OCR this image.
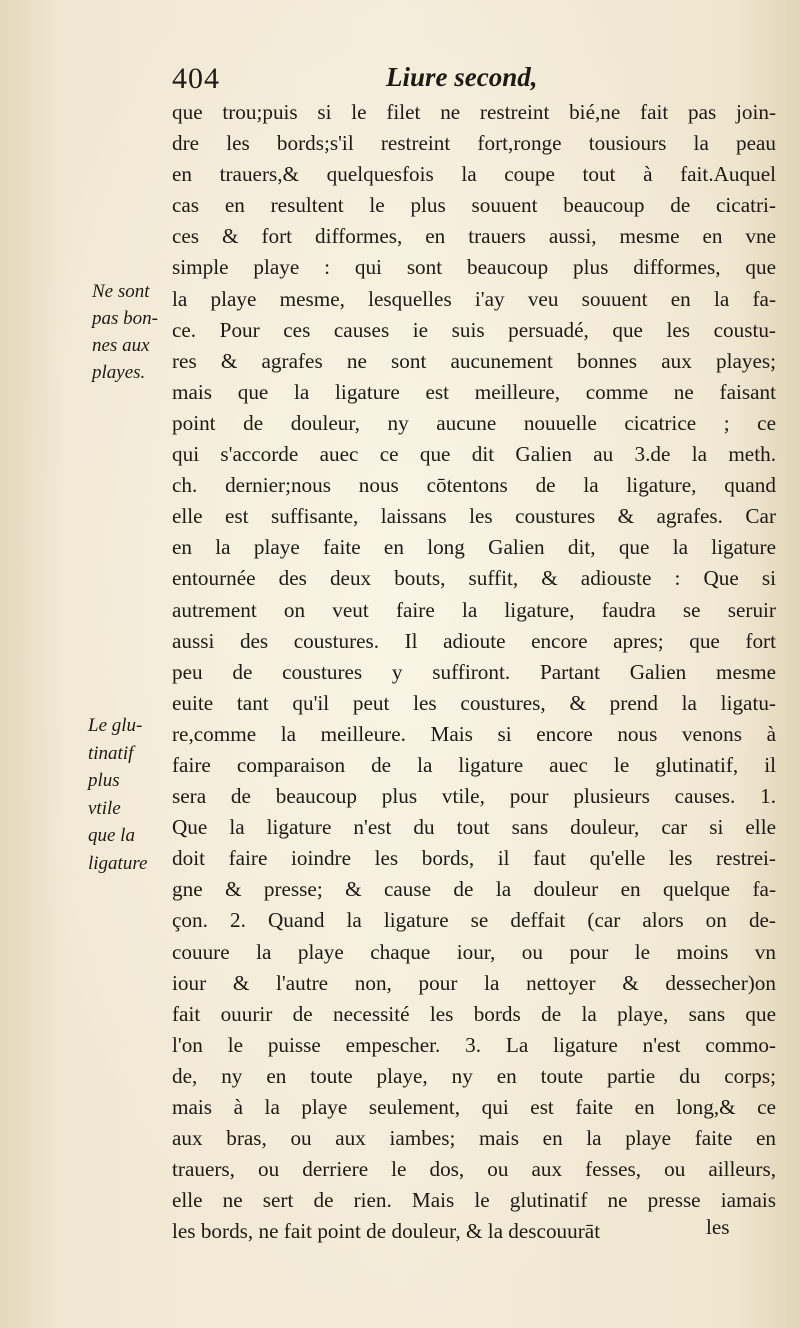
404	Liure second,
Ne sont
pas bon-
nes aux
playes.
Le glu-
tinatif
plus
vtile
que la
ligature
que trou;puis si le filet ne restreint bié,ne fait pas join-
dre les bords;s'il restreint fort,ronge tousiours la peau
en trauers,& quelquesfois la coupe tout à fait.Auquel
cas en resultent le plus souuent beaucoup de cicatri-
ces & fort difformes, en trauers aussi, mesme en vne
simple playe : qui sont beaucoup plus difformes, que
la playe mesme, lesquelles i'ay veu souuent en la fa-
ce. Pour ces causes ie suis persuadé, que les coustu-
res & agrafes ne sont aucunement bonnes aux playes;
mais que la ligature est meilleure, comme ne faisant
point de douleur, ny aucune nouuelle cicatrice ; ce
qui s'accorde auec ce que dit Galien au 3.de la meth.
ch. dernier;nous nous cōtentons de la ligature, quand
elle est suffisante, laissans les coustures & agrafes. Car
en la playe faite en long Galien dit, que la ligature
entournée des deux bouts, suffit, & adiouste : Que si
autrement on veut faire la ligature, faudra se seruir
aussi des coustures. Il adioute encore apres; que fort
peu de coustures y suffiront. Partant Galien mesme
euite tant qu'il peut les coustures, & prend la ligatu-
re,comme la meilleure. Mais si encore nous venons à
faire comparaison de la ligature auec le glutinatif, il
sera de beaucoup plus vtile, pour plusieurs causes. 1.
Que la ligature n'est du tout sans douleur, car si elle
doit faire ioindre les bords, il faut qu'elle les restrei-
gne & presse; & cause de la douleur en quelque fa-
çon. 2. Quand la ligature se deffait (car alors on de-
couure la playe chaque iour, ou pour le moins vn
iour & l'autre non, pour la nettoyer & dessecher)on
fait ouurir de necessité les bords de la playe, sans que
l'on le puisse empescher. 3. La ligature n'est commo-
de, ny en toute playe, ny en toute partie du corps;
mais à la playe seulement, qui est faite en long,& ce
aux bras, ou aux iambes; mais en la playe faite en
trauers, ou derriere le dos, ou aux fesses, ou ailleurs,
elle ne sert de rien. Mais le glutinatif ne presse iamais
les bords, ne fait point de douleur, & la descouurāt	les
